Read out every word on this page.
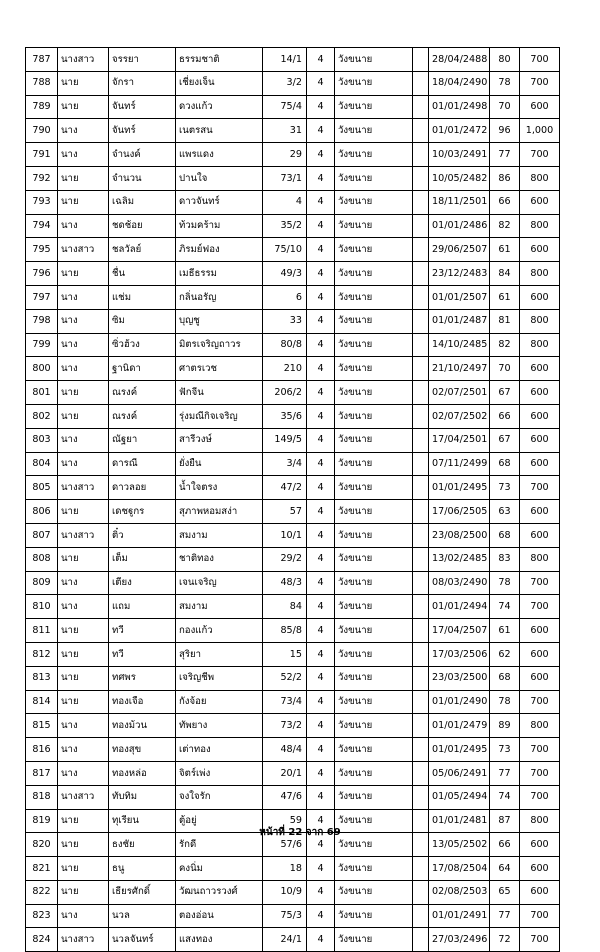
787	นางสาว	จรรยา	ธรรมชาติ	14/1	4	วังขนาย		28/04/2488	80	700
788	นาย	จักรา	เชี่ยงเจ็น	3/2	4	วังขนาย		18/04/2490	78	700
789	นาย	จันทร์	ดวงแก้ว	75/4	4	วังขนาย		01/01/2498	70	600
790	นาง	จันทร์	เนตรสน	31	4	วังขนาย		01/01/2472	96	1,000
791	นาง	จำนงค์	แพรแดง	29	4	วังขนาย		10/03/2491	77	700
792	นาย	จำนวน	ปานใจ	73/1	4	วังขนาย		10/05/2482	86	800
793	นาย	เฉลิม	ดาวจันทร์	4	4	วังขนาย		18/11/2501	66	600
794	นาง	ชดช้อย	ท้วมคร้าม	35/2	4	วังขนาย		01/01/2486	82	800
795	นางสาว	ชลวัลย์	ภิรมย์ฟอง	75/10	4	วังขนาย		29/06/2507	61	600
796	นาย	ชื่น	เมธีธรรม	49/3	4	วังขนาย		23/12/2483	84	800
797	นาง	แช่ม	กลิ่นอรัญ	6	4	วังขนาย		01/01/2507	61	600
798	นาง	ซิม	บุญชู	33	4	วังขนาย		01/01/2487	81	800
799	นาง	ซิ่วฮ้วง	มิตรเจริญถาวร	80/8	4	วังขนาย		14/10/2485	82	800
800	นาง	ฐานิดา	ศาตรเวช	210	4	วังขนาย		21/10/2497	70	600
801	นาย	ณรงค์	ฟักจีน	206/2	4	วังขนาย		02/07/2501	67	600
802	นาย	ณรงค์	รุ่งมณีกิจเจริญ	35/6	4	วังขนาย		02/07/2502	66	600
803	นาง	ณัฐยา	สารีวงษ์	149/5	4	วังขนาย		17/04/2501	67	600
804	นาง	ดารณี	ยั่งยืน	3/4	4	วังขนาย		07/11/2499	68	600
805	นางสาว	ดาวลอย	น้ำใจตรง	47/2	4	วังขนาย		01/01/2495	73	700
806	นาย	เดชฐูกร	สุภาพหอมสง่า	57	4	วังขนาย		17/06/2505	63	600
807	นางสาว	ติ๋ว	สมงาม	10/1	4	วังขนาย		23/08/2500	68	600
808	นาย	เต็ม	ชาติทอง	29/2	4	วังขนาย		13/02/2485	83	800
809	นาง	เตียง	เจนเจริญ	48/3	4	วังขนาย		08/03/2490	78	700
810	นาง	แถม	สมงาม	84	4	วังขนาย		01/01/2494	74	700
811	นาย	ทวี	กองแก้ว	85/8	4	วังขนาย		17/04/2507	61	600
812	นาย	ทวี	สุริยา	15	4	วังขนาย		17/03/2506	62	600
813	นาย	ทศพร	เจริญชีพ	52/2	4	วังขนาย		23/03/2500	68	600
814	นาย	ทองเจือ	กังจ้อย	73/4	4	วังขนาย		01/01/2490	78	700
815	นาง	ทองม้วน	ทัพยาง	73/2	4	วังขนาย		01/01/2479	89	800
816	นาง	ทองสุข	เต่าทอง	48/4	4	วังขนาย		01/01/2495	73	700
817	นาง	ทองหล่อ	จิตร์เพ่ง	20/1	4	วังขนาย		05/06/2491	77	700
818	นางสาว	ทับทิม	จงใจรัก	47/6	4	วังขนาย		01/05/2494	74	700
819	นาย	ทุเรียน	ตู้อยู่	59	4	วังขนาย		01/01/2481	87	800
820	นาย	ธงชัย	รักดี	57/6	4	วังขนาย		13/05/2502	66	600
821	นาย	ธนู	คงนิ่ม	18	4	วังขนาย		17/08/2504	64	600
822	นาย	เธียรศักดิ์	วัฒนถาวรวงศ์	10/9	4	วังขนาย		02/08/2503	65	600
823	นาง	นวล	ตองอ่อน	75/3	4	วังขนาย		01/01/2491	77	700
824	นางสาว	นวลจันทร์	แสงทอง	24/1	4	วังขนาย		27/03/2496	72	700
หน้าที่ 22 จาก 69
